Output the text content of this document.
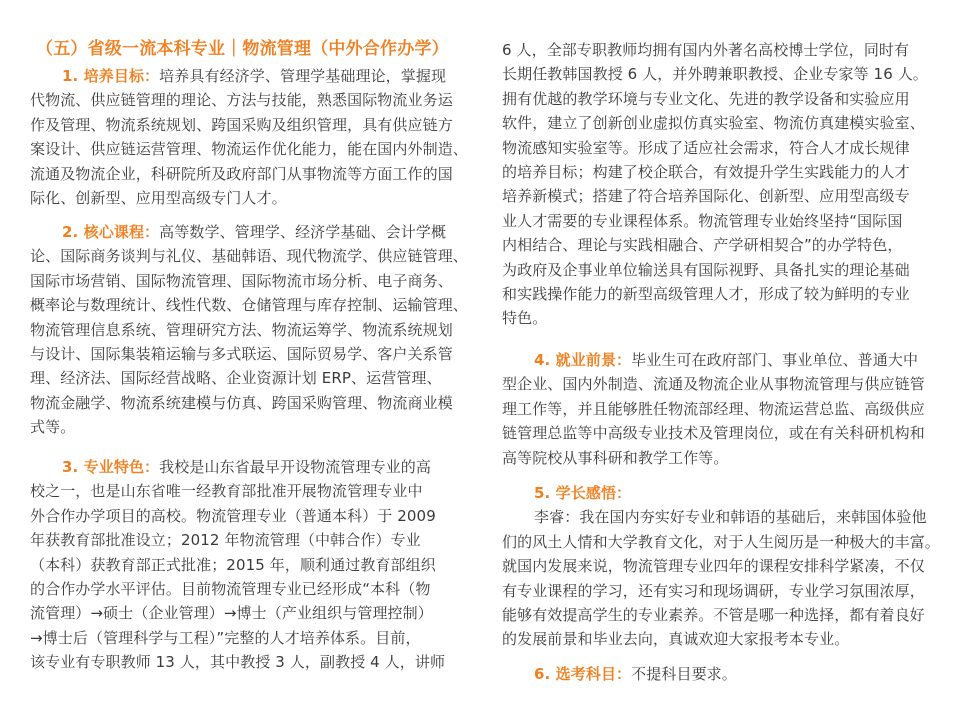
（五）省级一流本科专业｜物流管理（中外合作办学）
1. 培养目标：培养具有经济学、管理学基础理论，掌握现
代物流、供应链管理的理论、方法与技能，熟悉国际物流业务运
作及管理、物流系统规划、跨国采购及组织管理，具有供应链方
案设计、供应链运营管理、物流运作优化能力，能在国内外制造、
流通及物流企业，科研院所及政府部门从事物流等方面工作的国
际化、创新型、应用型高级专门人才。
2. 核心课程：高等数学、管理学、经济学基础、会计学概
论、国际商务谈判与礼仪、基础韩语、现代物流学、供应链管理、
国际市场营销、国际物流管理、国际物流市场分析、电子商务、
概率论与数理统计、线性代数、仓储管理与库存控制、运输管理、
物流管理信息系统、管理研究方法、物流运筹学、物流系统规划
与设计、国际集装箱运输与多式联运、国际贸易学、客户关系管
理、经济法、国际经营战略、企业资源计划 ERP、运营管理、
物流金融学、物流系统建模与仿真、跨国采购管理、物流商业模
式等。
3. 专业特色：我校是山东省最早开设物流管理专业的高
校之一，也是山东省唯一经教育部批准开展物流管理专业中
外合作办学项目的高校。物流管理专业（普通本科）于 2009
年获教育部批准设立；2012 年物流管理（中韩合作）专业
（本科）获教育部正式批准；2015 年，顺利通过教育部组织
的合作办学水平评估。目前物流管理专业已经形成“本科（物
流管理）→硕士（企业管理）→博士（产业组织与管理控制）
→博士后（管理科学与工程）”完整的人才培养体系。目前，
该专业有专职教师 13 人，其中教授 3 人，副教授 4 人，讲师
6 人，全部专职教师均拥有国内外著名高校博士学位，同时有
长期任教韩国教授 6 人，并外聘兼职教授、企业专家等 16 人。
拥有优越的教学环境与专业文化、先进的教学设备和实验应用
软件，建立了创新创业虚拟仿真实验室、物流仿真建模实验室、
物流感知实验室等。形成了适应社会需求，符合人才成长规律
的培养目标；构建了校企联合，有效提升学生实践能力的人才
培养新模式；搭建了符合培养国际化、创新型、应用型高级专
业人才需要的专业课程体系。物流管理专业始终坚持“国际国
内相结合、理论与实践相融合、产学研相契合”的办学特色，
为政府及企事业单位输送具有国际视野、具备扎实的理论基础
和实践操作能力的新型高级管理人才，形成了较为鲜明的专业
特色。
4. 就业前景：毕业生可在政府部门、事业单位、普通大中
型企业、国内外制造、流通及物流企业从事物流管理与供应链管
理工作等，并且能够胜任物流部经理、物流运营总监、高级供应
链管理总监等中高级专业技术及管理岗位，或在有关科研机构和
高等院校从事科研和教学工作等。
5. 学长感悟：
李睿：我在国内夯实好专业和韩语的基础后，来韩国体验他
们的风土人情和大学教育文化，对于人生阅历是一种极大的丰富。
就国内发展来说，物流管理专业四年的课程安排科学紧凑，不仅
有专业课程的学习，还有实习和现场调研，专业学习氛围浓厚，
能够有效提高学生的专业素养。不管是哪一种选择，都有着良好
的发展前景和毕业去向，真诚欢迎大家报考本专业。
6. 选考科目：不提科目要求。
